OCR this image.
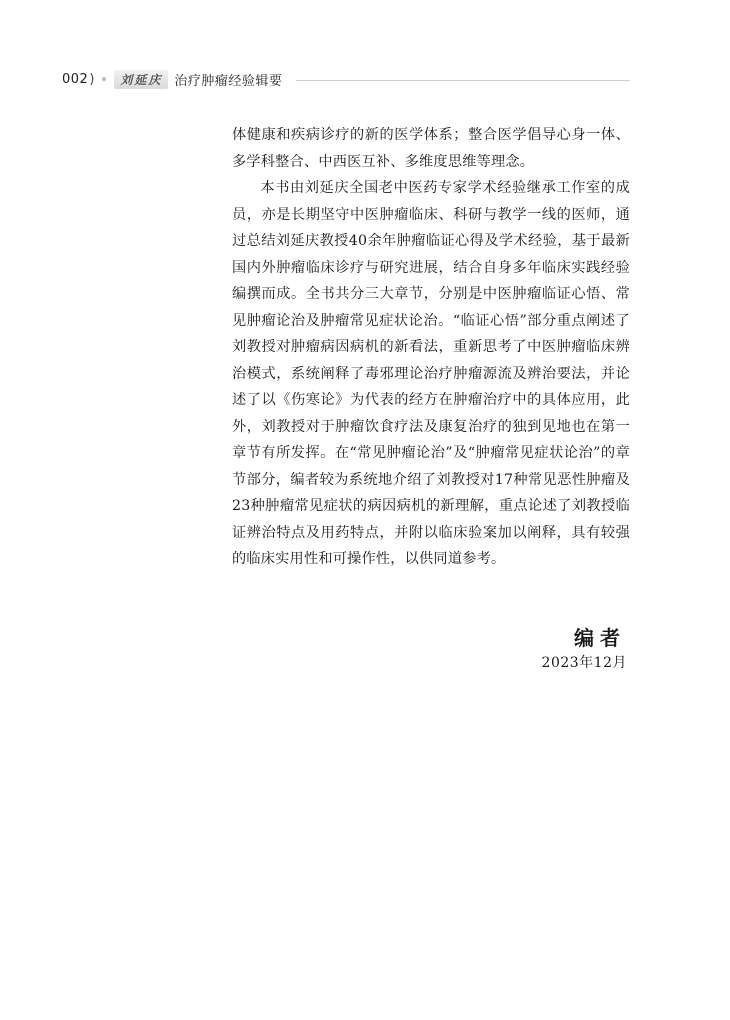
002 )	刘延庆 治疗肿瘤经验辑要

体健康和疾病诊疗的新的医学体系；整合医学倡导心身一体、多学科整合、中西医互补、多维度思维等理念。

本书由刘延庆全国老中医药专家学术经验继承工作室的成员，亦是长期坚守中医肿瘤临床、科研与教学一线的医师，通过总结刘延庆教授40余年肿瘤临证心得及学术经验，基于最新国内外肿瘤临床诊疗与研究进展，结合自身多年临床实践经验编撰而成。全书共分三大章节，分别是中医肿瘤临证心悟、常见肿瘤论治及肿瘤常见症状论治。“临证心悟”部分重点阐述了刘教授对肿瘤病因病机的新看法，重新思考了中医肿瘤临床辨治模式，系统阐释了毒邪理论治疗肿瘤源流及辨治要法，并论述了以《伤寒论》为代表的经方在肿瘤治疗中的具体应用，此外，刘教授对于肿瘤饮食疗法及康复治疗的独到见地也在第一章节有所发挥。在“常见肿瘤论治”及“肿瘤常见症状论治”的章节部分，编者较为系统地介绍了刘教授对17种常见恶性肿瘤及23种肿瘤常见症状的病因病机的新理解，重点论述了刘教授临证辨治特点及用药特点，并附以临床验案加以阐释，具有较强的临床实用性和可操作性，以供同道参考。

编者
2023年12月
